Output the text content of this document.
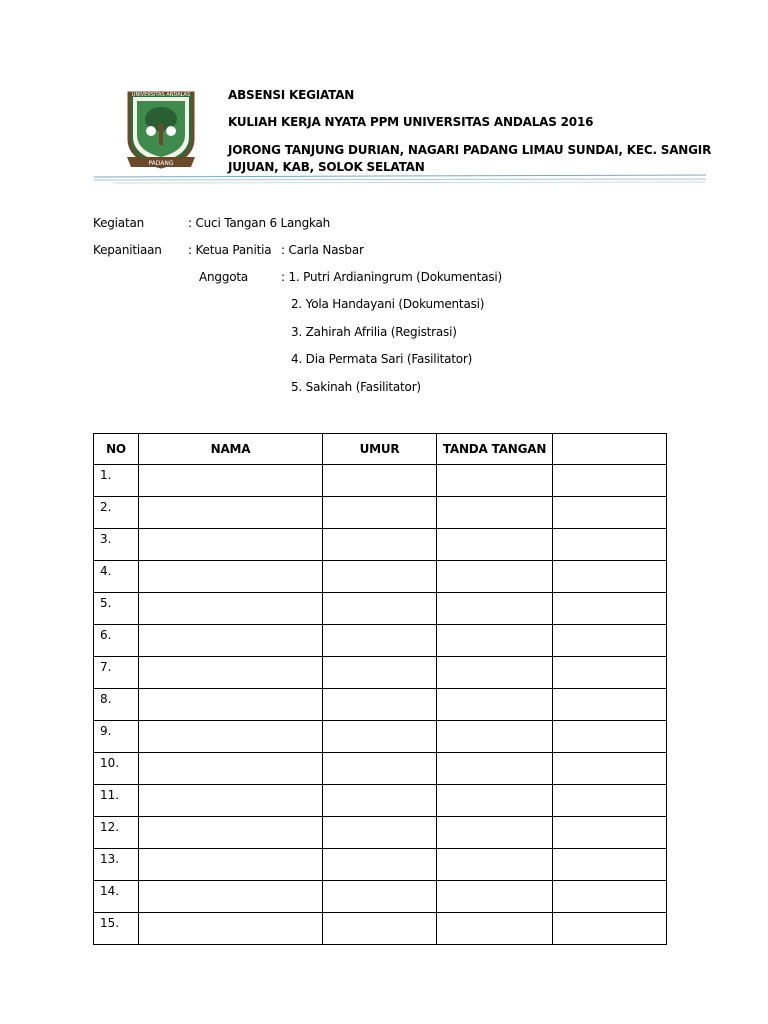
PADANG
UNIVERSITAS ANDALAS	ABSENSI KEGIATAN
KULIAH KERJA NYATA PPM UNIVERSITAS ANDALAS 2016
JORONG TANJUNG DURIAN, NAGARI PADANG LIMAU SUNDAI, KEC. SANGIR
JUJUAN, KAB, SOLOK SELATAN
Kegiatan	: Cuci Tangan 6 Langkah
Kepanitiaan : Ketua Panitia : Carla Nasbar
Anggota	: 1. Putri Ardianingrum (Dokumentasi)
2. Yola Handayani (Dokumentasi)
3. Zahirah Afrilia (Registrasi)
4. Dia Permata Sari (Fasilitator)
5. Sakinah (Fasilitator)
NO	NAMA	UMUR	TANDA TANGAN	
1.				
2.				
3.				
4.				
5.				
6.				
7.				
8.				
9.				
10.				
11.				
12.				
13.				
14.				
15.				
